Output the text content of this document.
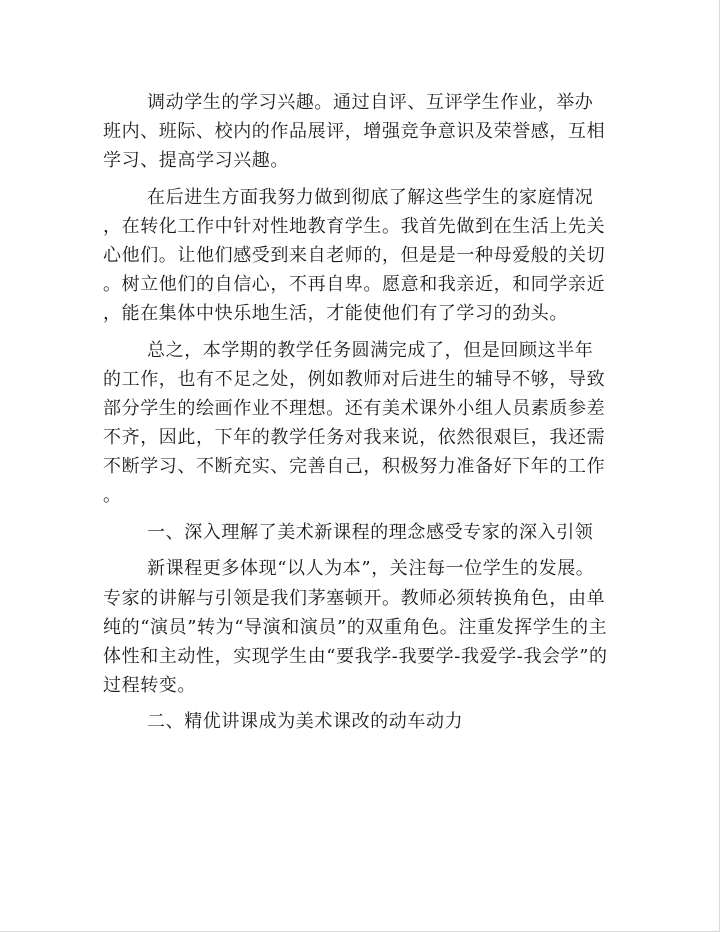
调动学生的学习兴趣。通过自评、互评学生作业，举办
班内、班际、校内的作品展评，增强竞争意识及荣誉感，互相
学习、提高学习兴趣。
在后进生方面我努力做到彻底了解这些学生的家庭情况
，在转化工作中针对性地教育学生。我首先做到在生活上先关
心他们。让他们感受到来自老师的，但是是一种母爱般的关切
。树立他们的自信心，不再自卑。愿意和我亲近，和同学亲近
，能在集体中快乐地生活，才能使他们有了学习的劲头。
总之，本学期的教学任务圆满完成了，但是回顾这半年
的工作，也有不足之处，例如教师对后进生的辅导不够，导致
部分学生的绘画作业不理想。还有美术课外小组人员素质参差
不齐，因此，下年的教学任务对我来说，依然很艰巨，我还需
不断学习、不断充实、完善自己，积极努力准备好下年的工作
。
一、深入理解了美术新课程的理念感受专家的深入引领
新课程更多体现“以人为本”，关注每一位学生的发展。
专家的讲解与引领是我们茅塞顿开。教师必须转换角色，由单
纯的“演员”转为“导演和演员”的双重角色。注重发挥学生的主
体性和主动性，实现学生由“要我学-我要学-我爱学-我会学”的
过程转变。
二、精优讲课成为美术课改的动车动力
